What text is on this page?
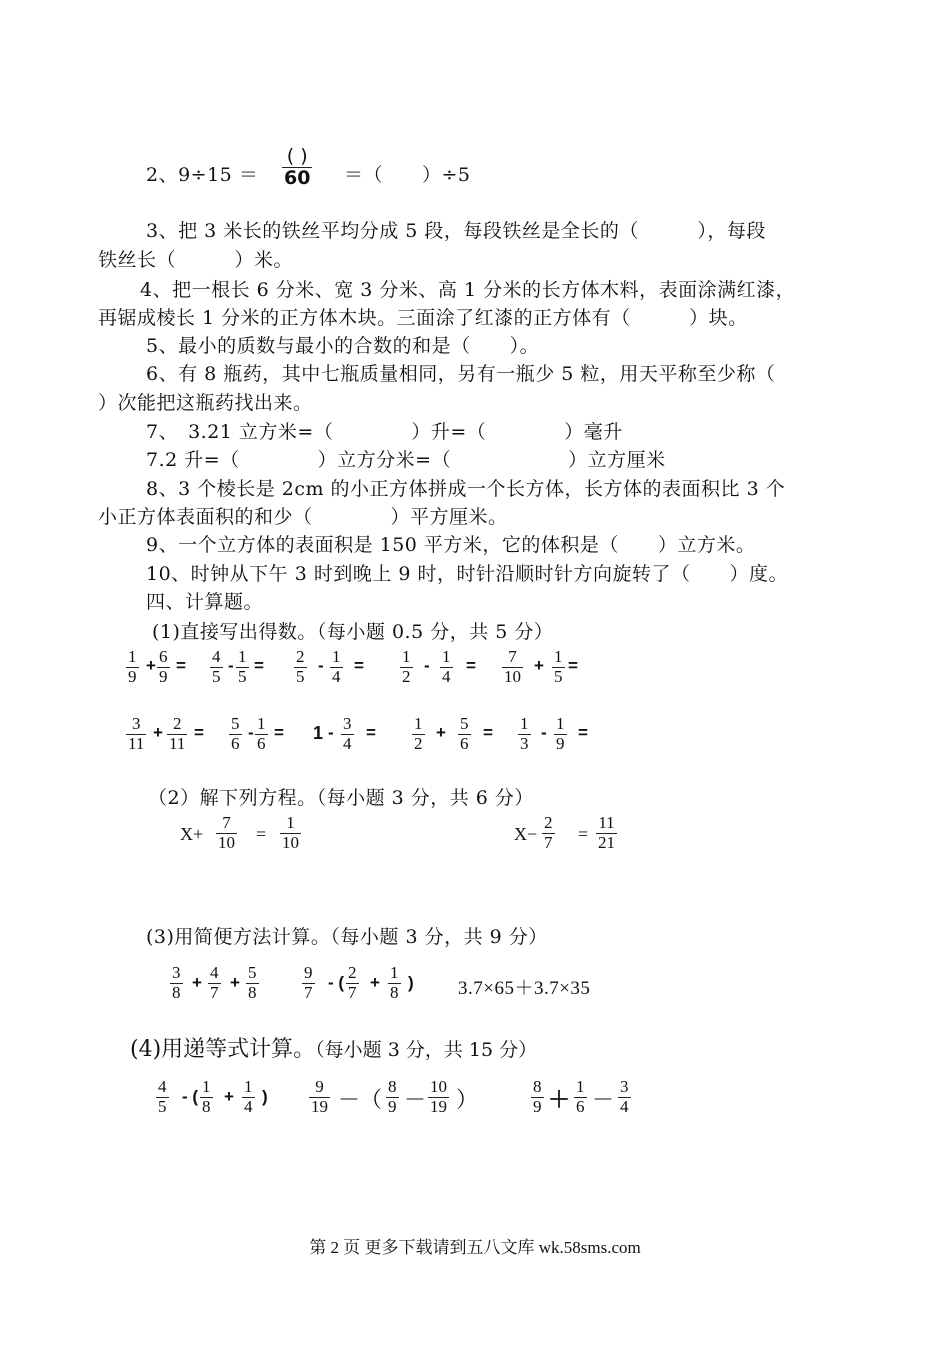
2、9÷15 ＝
( )
60 ＝（　　）÷5
3、把 3 米长的铁丝平均分成 5 段，每段铁丝是全长的（　　　），每段
铁丝长（　　　）米。
4、把一根长 6 分米、宽 3 分米、高 1 分米的长方体木料，表面涂满红漆，
再锯成棱长 1 分米的正方体木块。三面涂了红漆的正方体有（　　　）块。
5、最小的质数与最小的合数的和是（　　）。
6、有 8 瓶药，其中七瓶质量相同，另有一瓶少 5 粒，用天平称至少称（
）次能把这瓶药找出来。
7、　3.21 立方米=（　　　　）升=（　　　　）毫升
7.2 升=（　　　　）立方分米=（　　　　　　）立方厘米
8、3 个棱长是 2cm 的小正方体拼成一个长方体，长方体的表面积比 3 个
小正方体表面积的和少（　　　　）平方厘米。
9、一个立方体的表面积是 150 平方米，它的体积是（　　）立方米。
10、时钟从下午 3 时到晚上 9 时，时针沿顺时针方向旋转了（　　）度。
四、计算题。
(1)直接写出得数。（每小题 0.5 分，共 5 分）
$\frac{1}{9} + \frac{6}{9} = \frac{4}{5} - \frac{1}{5} = \frac{2}{5} - \frac{1}{4} = \frac{1}{2} - \frac{1}{4} = \frac{7}{10} + \frac{1}{5}$ =
$\frac{3}{11} + \frac{2}{11} = \frac{5}{6} - \frac{1}{6} = 1 - \frac{3}{4} = \frac{1}{2} + \frac{5}{6} = \frac{1}{3} - \frac{1}{9}$ =
（2）解下列方程。（每小题 3 分，共 6 分）
$X+ \frac{7}{10} = \frac{1}{10}$	$X- \frac{2}{7} = \frac{11}{21}$
(3)用简便方法计算。（每小题 3 分，共 9 分）
$\frac{3}{8} + \frac{4}{7} + \frac{5}{8}$	$\frac{9}{7}$ - ( $\frac{2}{7} + \frac{1}{8}$ ) 3.7×65＋3.7×35
(4)用递等式计算。（每小题 3 分，共 15 分）
$\frac{4}{5}$ - ( $\frac{1}{8} + \frac{1}{4}$ ) $\frac{9}{19}$ －（ $\frac{8}{9} - \frac{10}{19}$ ）	$\frac{8}{9} + \frac{1}{6} - \frac{3}{4}$
第 2 页 更多下载请到五八文库 wk.58sms.com
